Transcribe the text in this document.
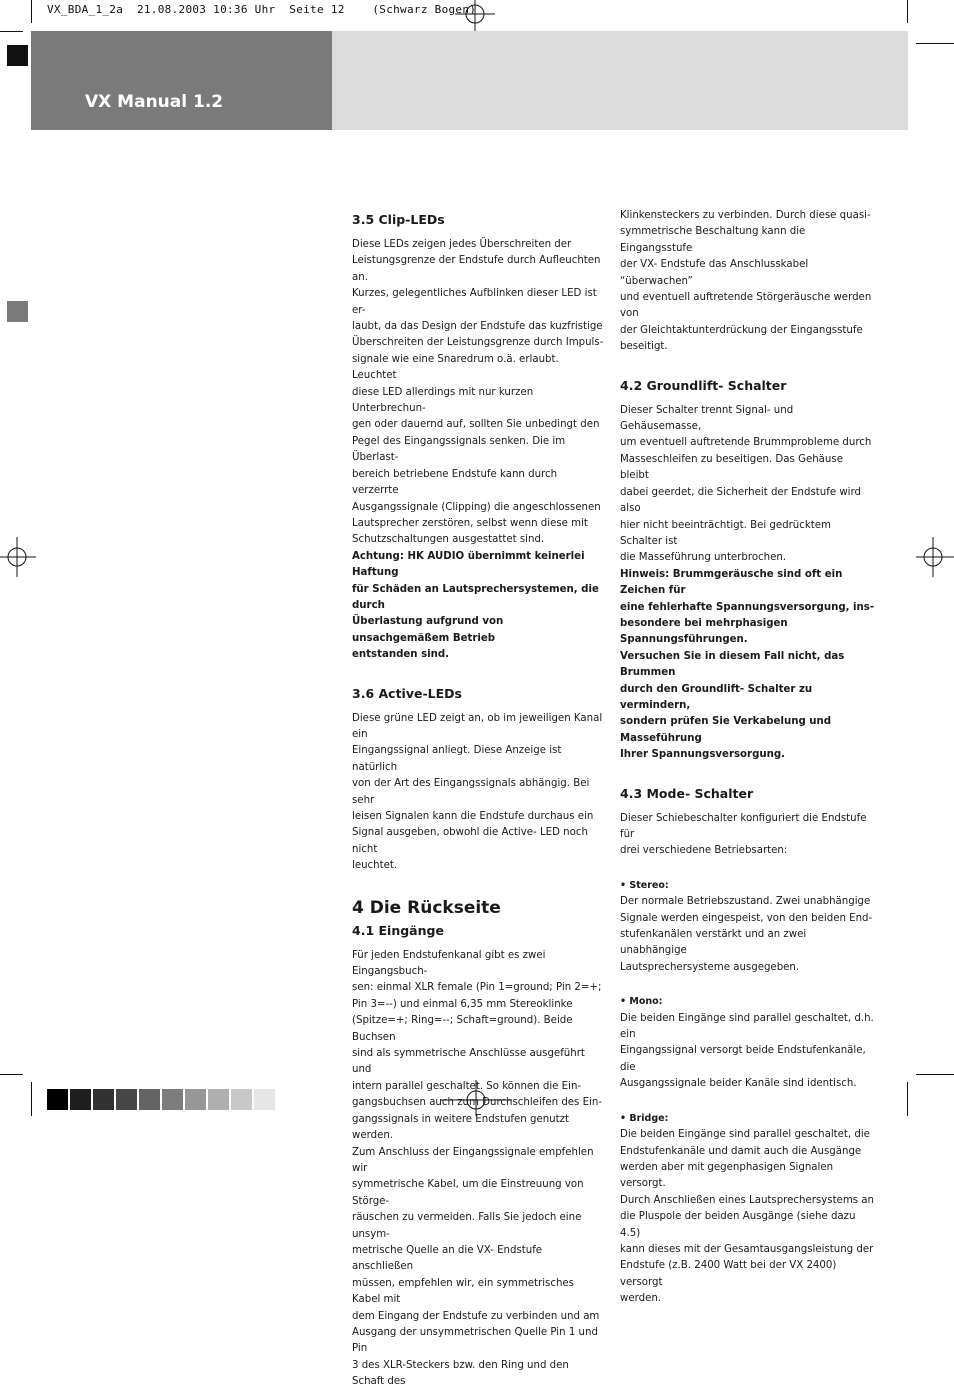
VX_BDA_1_2a  21.08.2003 10:36 Uhr  Seite 12    (Schwarz Bogen)
VX Manual 1.2
3.5 Clip-LEDs
Diese LEDs zeigen jedes Überschreiten der
Leistungsgrenze der Endstufe durch Aufleuchten an.
Kurzes, gelegentliches Aufblinken dieser LED ist er-
laubt, da das Design der Endstufe das kuzfristige
Überschreiten der Leistungsgrenze durch Impuls-
signale wie eine Snaredrum o.ä. erlaubt. Leuchtet
diese LED allerdings mit nur kurzen Unterbrechun-
gen oder dauernd auf, sollten Sie unbedingt den
Pegel des Eingangssignals senken. Die im Überlast-
bereich betriebene Endstufe kann durch verzerrte
Ausgangssignale (Clipping) die angeschlossenen
Lautsprecher zerstören, selbst wenn diese mit
Schutzschaltungen ausgestattet sind.
Achtung: HK AUDIO übernimmt keinerlei Haftung
für Schäden an Lautsprechersystemen, die durch
Überlastung aufgrund von unsachgemäßem Betrieb
entstanden sind.
3.6 Active-LEDs
Diese grüne LED zeigt an, ob im jeweiligen Kanal ein
Eingangssignal anliegt. Diese Anzeige ist natürlich
von der Art des Eingangssignals abhängig. Bei sehr
leisen Signalen kann die Endstufe durchaus ein
Signal ausgeben, obwohl die Active- LED noch nicht
leuchtet.
4 Die Rückseite
4.1 Eingänge
Für jeden Endstufenkanal gibt es zwei Eingangsbuch-
sen: einmal XLR female (Pin 1=ground; Pin 2=+;
Pin 3=--) und einmal 6,35 mm Stereoklinke
(Spitze=+; Ring=--; Schaft=ground). Beide Buchsen
sind als symmetrische Anschlüsse ausgeführt und
intern parallel geschaltet. So können die Ein-
gangsbuchsen auch zum Durchschleifen des Ein-
gangssignals in weitere Endstufen genutzt werden.
Zum Anschluss der Eingangssignale empfehlen wir
symmetrische Kabel, um die Einstreuung von Störge-
räuschen zu vermeiden. Falls Sie jedoch eine unsym-
metrische Quelle an die VX- Endstufe anschließen
müssen, empfehlen wir, ein symmetrisches Kabel mit
dem Eingang der Endstufe zu verbinden und am
Ausgang der unsymmetrischen Quelle Pin 1 und Pin
3 des XLR-Steckers bzw. den Ring und den Schaft des
Klinkensteckers zu verbinden. Durch diese quasi-
symmetrische Beschaltung kann die Eingangsstufe
der VX- Endstufe das Anschlusskabel “überwachen”
und eventuell auftretende Störgeräusche werden von
der Gleichtaktunterdrückung der Eingangsstufe
beseitigt.
4.2 Groundlift- Schalter
Dieser Schalter trennt Signal- und Gehäusemasse,
um eventuell auftretende Brummprobleme durch
Masseschleifen zu beseitigen. Das Gehäuse bleibt
dabei geerdet, die Sicherheit der Endstufe wird also
hier nicht beeinträchtigt. Bei gedrücktem Schalter ist
die Masseführung unterbrochen.
Hinweis: Brummgeräusche sind oft ein Zeichen für
eine fehlerhafte Spannungsversorgung, ins-
besondere bei mehrphasigen Spannungsführungen.
Versuchen Sie in diesem Fall nicht, das Brummen
durch den Groundlift- Schalter zu vermindern,
sondern prüfen Sie Verkabelung und Masseführung
Ihrer Spannungsversorgung.
4.3 Mode- Schalter
Dieser Schiebeschalter konfiguriert die Endstufe für
drei verschiedene Betriebsarten:
• Stereo:
Der normale Betriebszustand. Zwei unabhängige
Signale werden eingespeist, von den beiden End-
stufenkanälen verstärkt und an zwei unabhängige
Lautsprechersysteme ausgegeben.
• Mono:
Die beiden Eingänge sind parallel geschaltet, d.h. ein
Eingangssignal versorgt beide Endstufenkanäle, die
Ausgangssignale beider Kanäle sind identisch.
• Bridge:
Die beiden Eingänge sind parallel geschaltet, die
Endstufenkanäle und damit auch die Ausgänge
werden aber mit gegenphasigen Signalen versorgt.
Durch Anschließen eines Lautsprechersystems an
die Pluspole der beiden Ausgänge (siehe dazu 4.5)
kann dieses mit der Gesamtausgangsleistung der
Endstufe (z.B. 2400 Watt bei der VX 2400) versorgt
werden.
